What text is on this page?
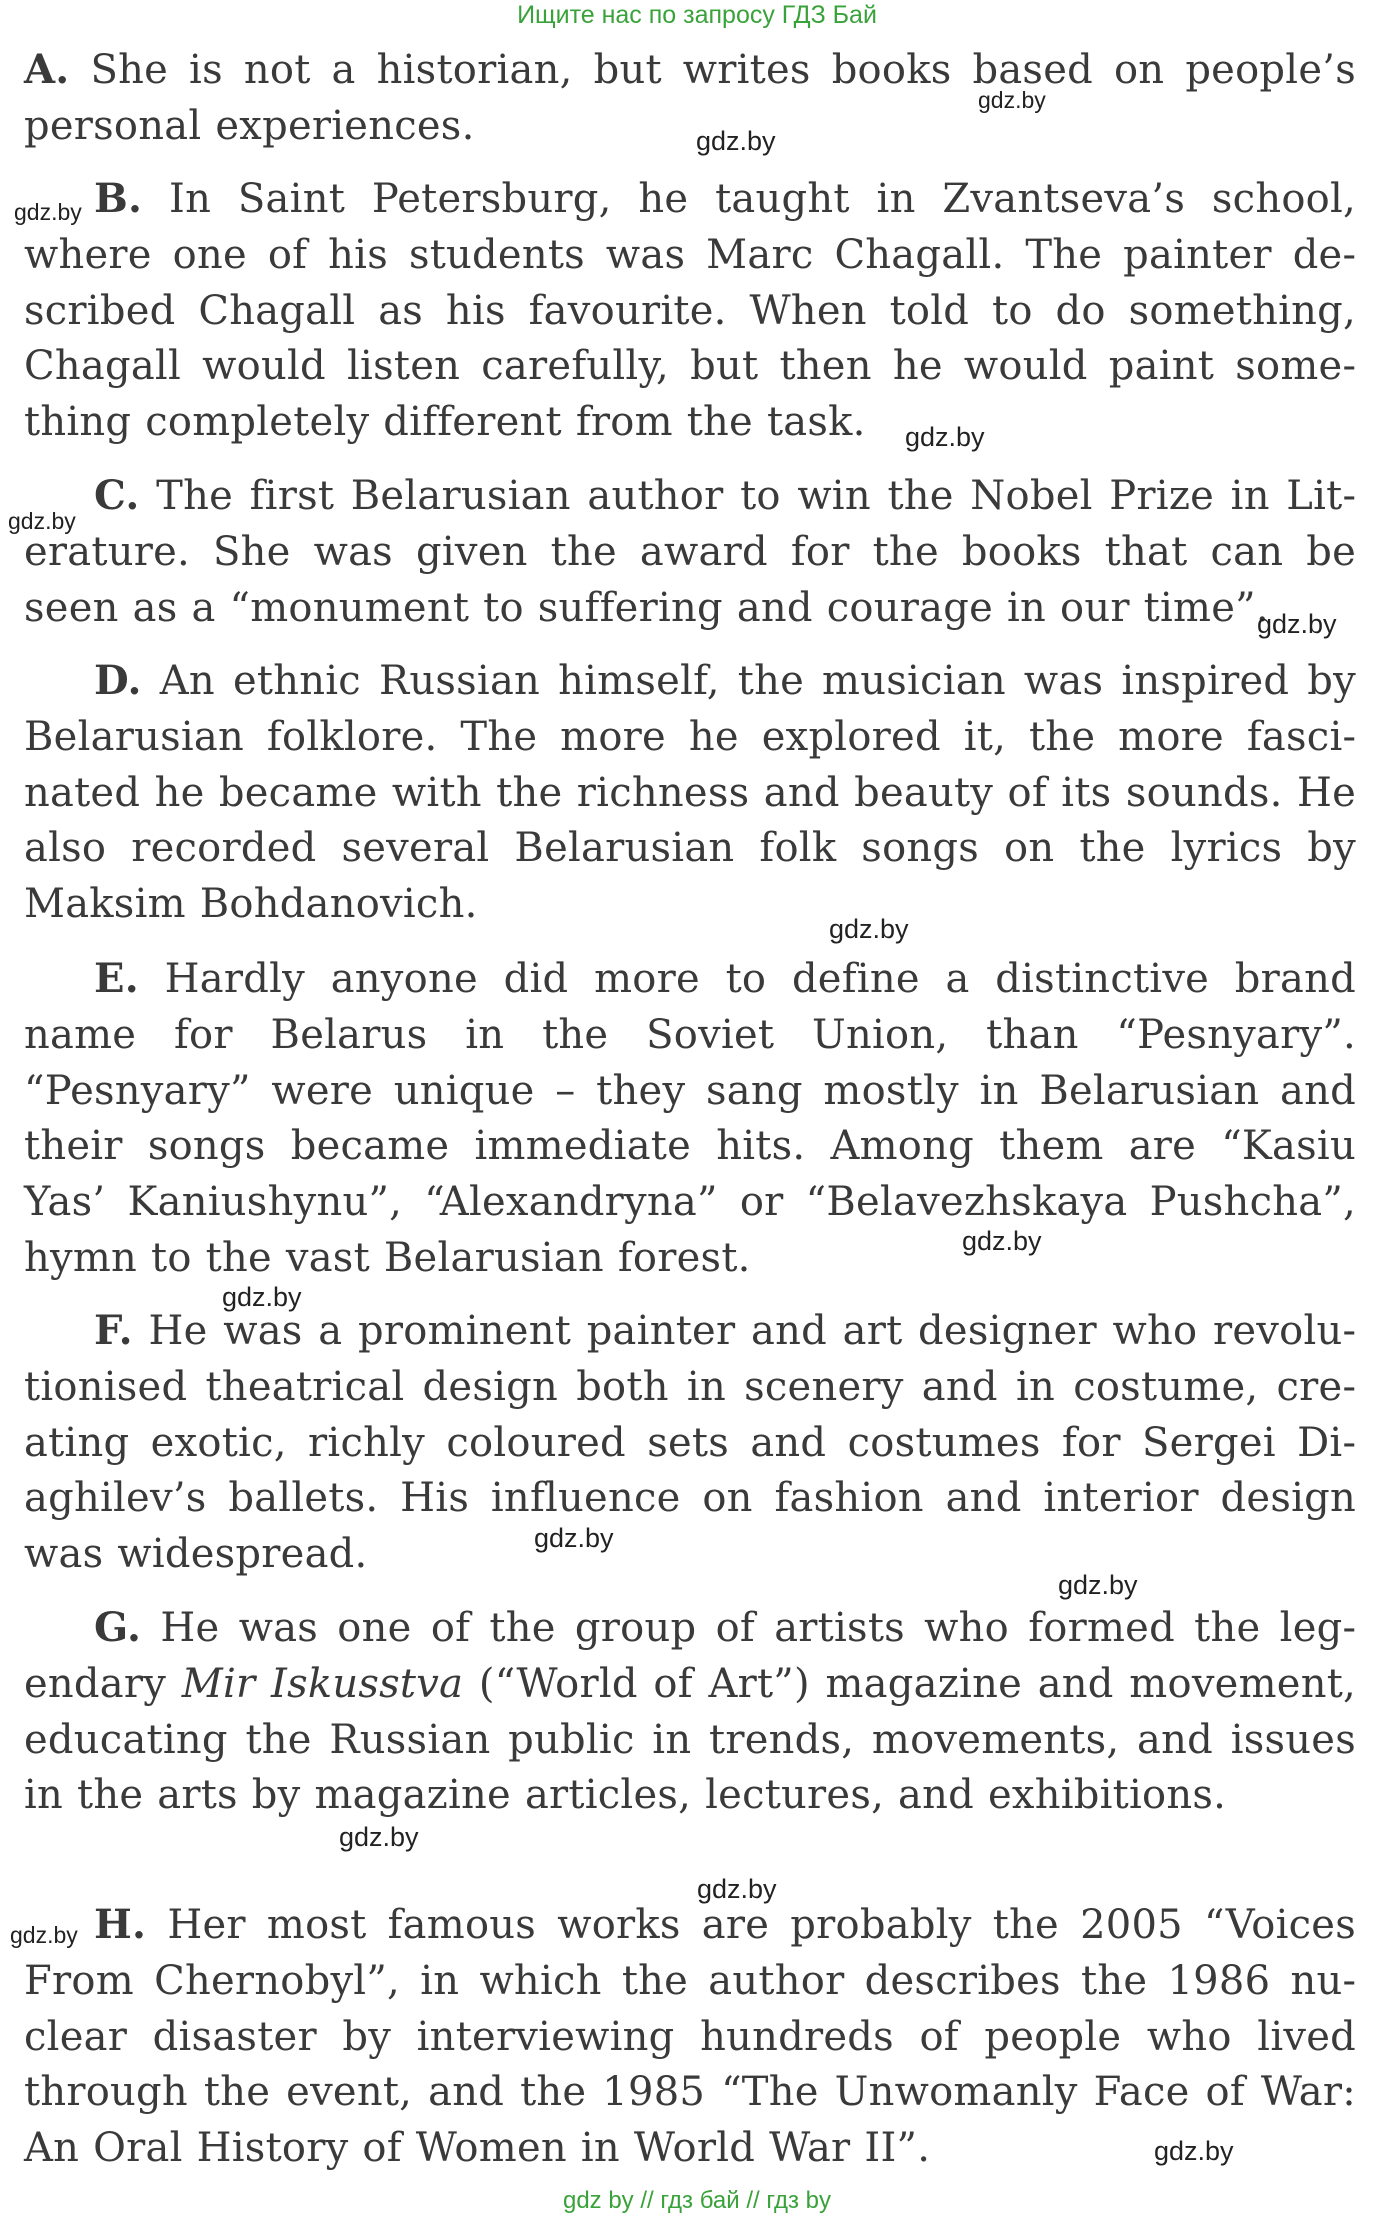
Ищите нас по запросу ГДЗ Бай
A. She is not a historian, but writes books based on people’s personal experiences.
B. In Saint Petersburg, he taught in Zvantseva’s school, where one of his students was Marc Chagall. The painter described Chagall as his favourite. When told to do something, Chagall would listen carefully, but then he would paint something completely different from the task.
C. The first Belarusian author to win the Nobel Prize in Literature. She was given the award for the books that can be seen as a “monument to suffering and courage in our time”.
D. An ethnic Russian himself, the musician was inspired by Belarusian folklore. The more he explored it, the more fascinated he became with the richness and beauty of its sounds. He also recorded several Belarusian folk songs on the lyrics by Maksim Bohdanovich.
E. Hardly anyone did more to define a distinctive brand name for Belarus in the Soviet Union, than “Pesnyary”. “Pesnyary” were unique – they sang mostly in Belarusian and their songs became immediate hits. Among them are “Kasiu Yas’ Kaniushynu”, “Alexandryna” or “Belavezhskaya Pushcha”, hymn to the vast Belarusian forest.
F. He was a prominent painter and art designer who revolutionised theatrical design both in scenery and in costume, creating exotic, richly coloured sets and costumes for Sergei Diaghilev’s ballets. His influence on fashion and interior design was widespread.
G. He was one of the group of artists who formed the legendary Mir Iskusstva (“World of Art”) magazine and movement, educating the Russian public in trends, movements, and issues in the arts by magazine articles, lectures, and exhibitions.
H. Her most famous works are probably the 2005 “Voices From Chernobyl”, in which the author describes the 1986 nuclear disaster by interviewing hundreds of people who lived through the event, and the 1985 “The Unwomanly Face of War: An Oral History of Women in World War II”.
gdz.by
gdz.by
gdz.by
gdz.by
gdz.by
gdz.by
gdz.by
gdz.by
gdz.by
gdz.by
gdz.by
gdz.by
gdz.by
gdz.by
gdz.by
gdz by // гдз бай // гдз by
